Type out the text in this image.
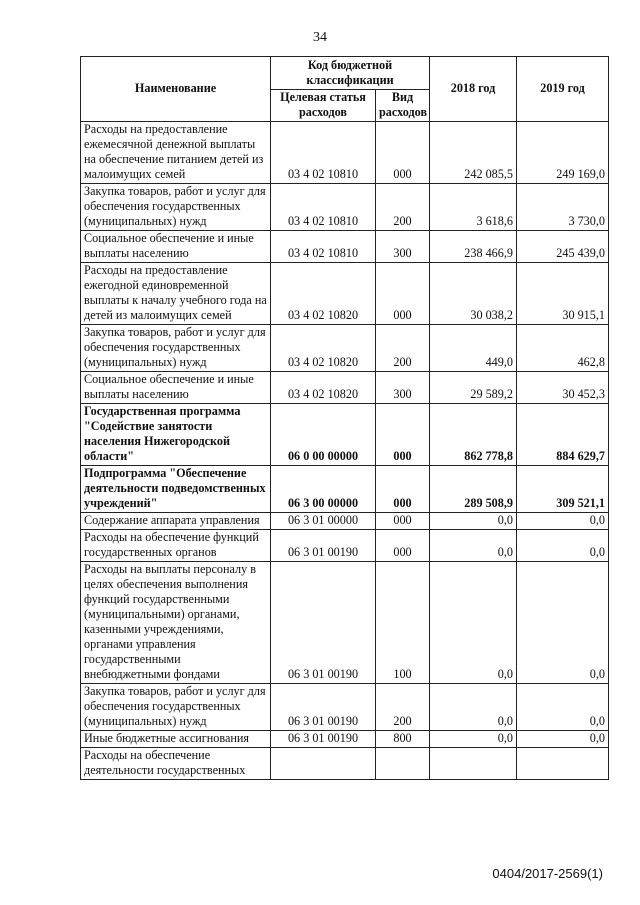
34
Наименование	Код бюджетной классификации		2018 год	2019 год
	Целевая статья расходов	Вид расходов		
Расходы на предоставление ежемесячной денежной выплаты на обеспечение питанием детей из малоимущих семей	03 4 02 10810	000	242 085,5	249 169,0
Закупка товаров, работ и услуг для обеспечения государственных (муниципальных) нужд	03 4 02 10810	200	3 618,6	3 730,0
Социальное обеспечение и иные выплаты населению	03 4 02 10810	300	238 466,9	245 439,0
Расходы на предоставление ежегодной единовременной выплаты к началу учебного года на детей из малоимущих семей	03 4 02 10820	000	30 038,2	30 915,1
Закупка товаров, работ и услуг для обеспечения государственных (муниципальных) нужд	03 4 02 10820	200	449,0	462,8
Социальное обеспечение и иные выплаты населению	03 4 02 10820	300	29 589,2	30 452,3
Государственная программа "Содействие занятости населения Нижегородской области"	06 0 00 00000	000	862 778,8	884 629,7
Подпрограмма "Обеспечение деятельности подведомственных учреждений"	06 3 00 00000	000	289 508,9	309 521,1
Содержание аппарата управления	06 3 01 00000	000	0,0	0,0
Расходы на обеспечение функций государственных органов	06 3 01 00190	000	0,0	0,0
Расходы на выплаты персоналу в целях обеспечения выполнения функций государственными (муниципальными) органами, казенными учреждениями, органами управления государственными внебюджетными фондами	06 3 01 00190	100	0,0	0,0
Закупка товаров, работ и услуг для обеспечения государственных (муниципальных) нужд	06 3 01 00190	200	0,0	0,0
Иные бюджетные ассигнования	06 3 01 00190	800	0,0	0,0
Расходы на обеспечение деятельности государственных				
0404/2017-2569(1)
